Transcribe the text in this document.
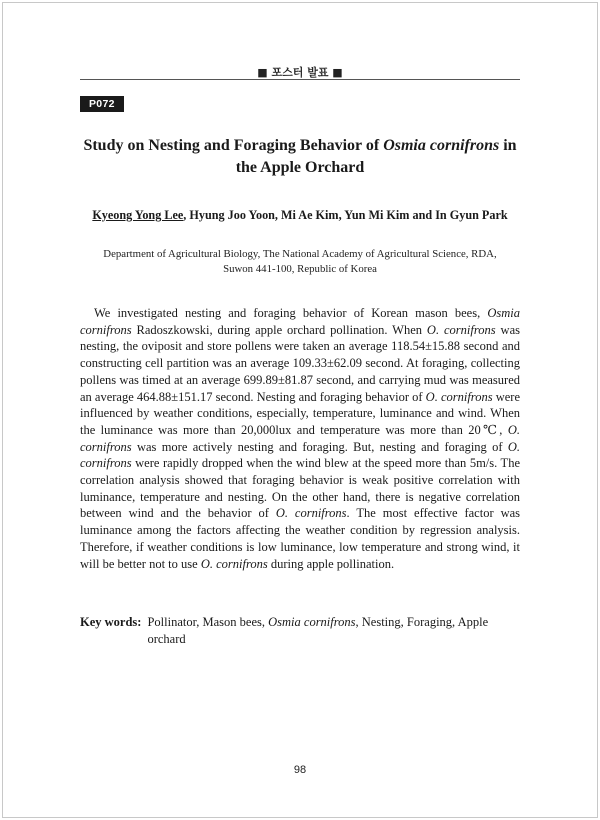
■ 포스터 발표 ■
P072
Study on Nesting and Foraging Behavior of Osmia cornifrons in the Apple Orchard
Kyeong Yong Lee, Hyung Joo Yoon, Mi Ae Kim, Yun Mi Kim and In Gyun Park
Department of Agricultural Biology, The National Academy of Agricultural Science, RDA,
Suwon 441-100, Republic of Korea
We investigated nesting and foraging behavior of Korean mason bees, Osmia cornifrons Radoszkowski, during apple orchard pollination. When O. cornifrons was nesting, the oviposit and store pollens were taken an average 118.54±15.88 second and constructing cell partition was an average 109.33±62.09 second. At foraging, collecting pollens was timed at an average 699.89±81.87 second, and carrying mud was measured an average 464.88±151.17 second. Nesting and foraging behavior of O. cornifrons were influenced by weather conditions, especially, temperature, luminance and wind. When the luminance was more than 20,000lux and temperature was more than 20℃, O. cornifrons was more actively nesting and foraging. But, nesting and foraging of O. cornifrons were rapidly dropped when the wind blew at the speed more than 5m/s. The correlation analysis showed that foraging behavior is weak positive correlation with luminance, temperature and nesting. On the other hand, there is negative correlation between wind and the behavior of O. cornifrons. The most effective factor was luminance among the factors affecting the weather condition by regression analysis. Therefore, if weather conditions is low luminance, low temperature and strong wind, it will be better not to use O. cornifrons during apple pollination.
Key words: Pollinator, Mason bees, Osmia cornifrons, Nesting, Foraging, Apple orchard
98
